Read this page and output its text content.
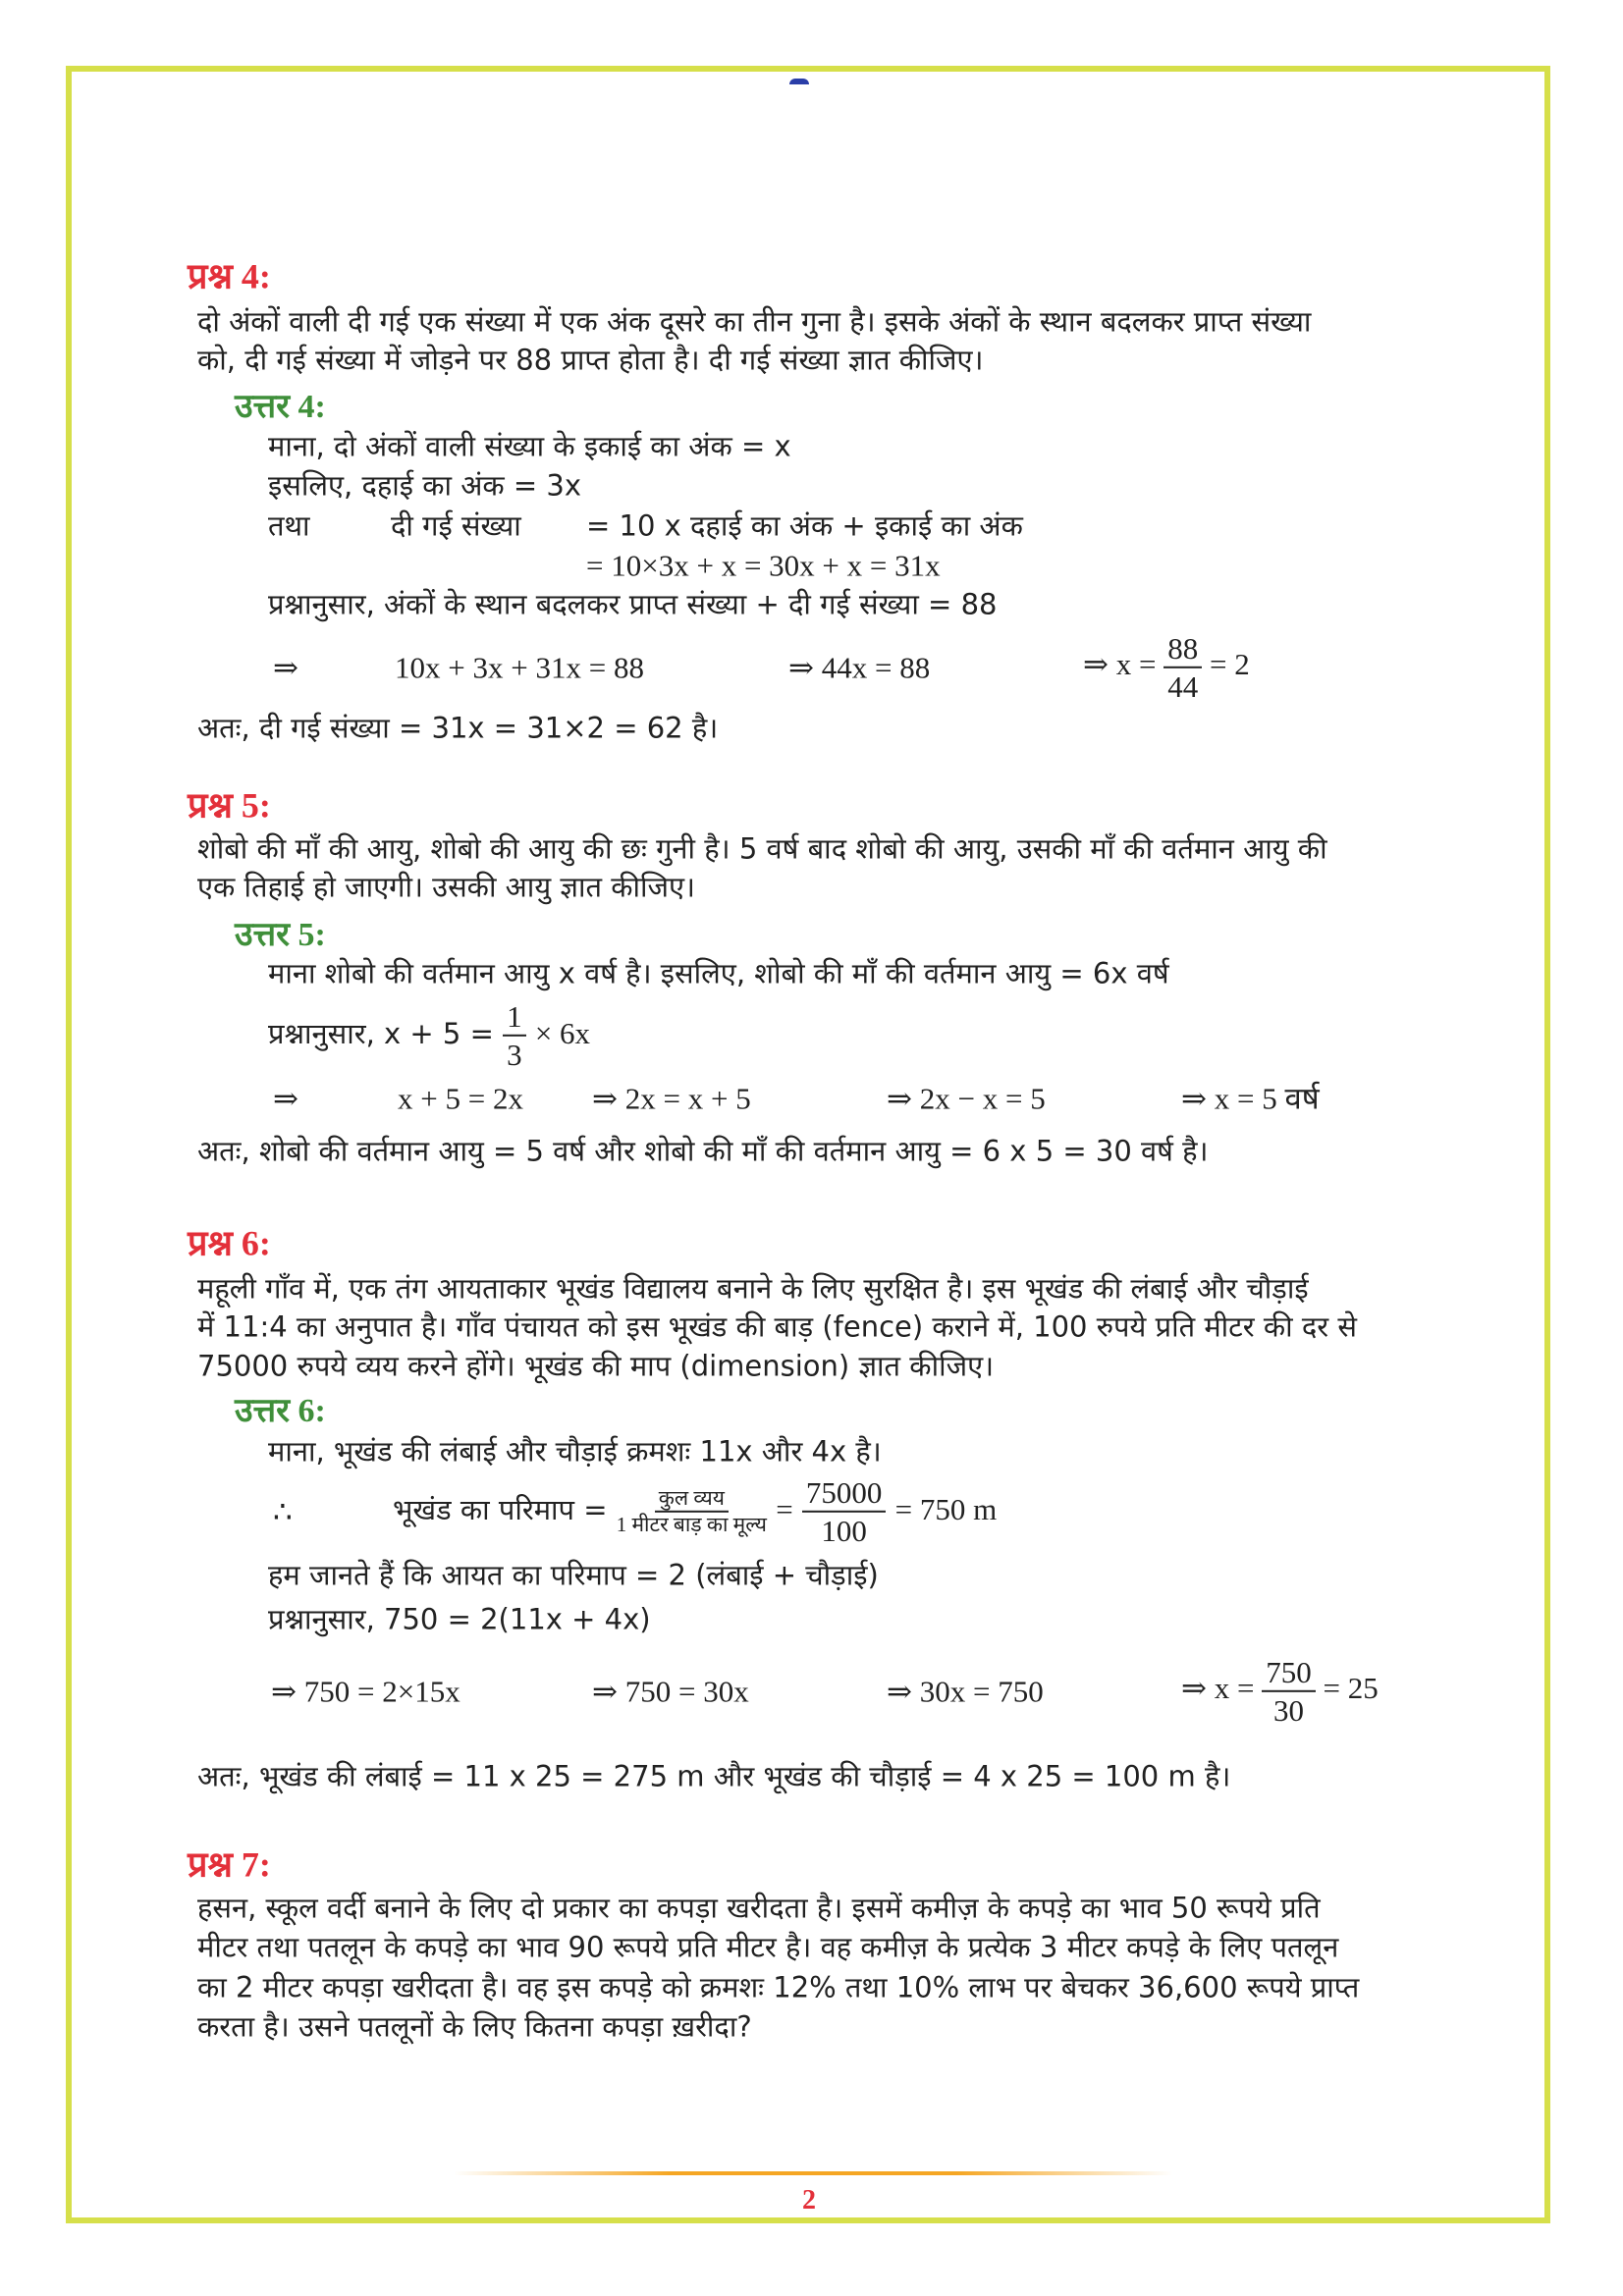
प्रश्न 4:
दो अंकों वाली दी गई एक संख्या में एक अंक दूसरे का तीन गुना है। इसके अंकों के स्थान बदलकर प्राप्त संख्या
को, दी गई संख्या में जोड़ने पर 88 प्राप्त होता है। दी गई संख्या ज्ञात कीजिए।
उत्तर 4:
माना, दो अंकों वाली संख्या के इकाई का अंक = x
इसलिए, दहाई का अंक = 3x
तथा	दी गई संख्या = 10 x दहाई का अंक + इकाई का अंक
= 10×3x + x = 30x + x = 31x
प्रश्नानुसार, अंकों के स्थान बदलकर प्राप्त संख्या + दी गई संख्या = 88
⇒	10x + 3x + 31x = 88	⇒ 44x = 88	⇒ $x = \frac{88}{44} = 2$
अतः, दी गई संख्या = 31x = 31×2 = 62 है।
प्रश्न 5:
शोबो की माँ की आयु, शोबो की आयु की छः गुनी है। 5 वर्ष बाद शोबो की आयु, उसकी माँ की वर्तमान आयु की
एक तिहाई हो जाएगी। उसकी आयु ज्ञात कीजिए।
उत्तर 5:
माना शोबो की वर्तमान आयु x वर्ष है। इसलिए, शोबो की माँ की वर्तमान आयु = 6x वर्ष
प्रश्नानुसार, $x + 5 = \frac{1}{3} \times 6x$
⇒	x + 5 = 2x ⇒ 2x = x + 5	⇒ 2x − x = 5	⇒ x = 5 वर्ष
अतः, शोबो की वर्तमान आयु = 5 वर्ष और शोबो की माँ की वर्तमान आयु = 6 x 5 = 30 वर्ष है।
प्रश्न 6:
महूली गाँव में, एक तंग आयताकार भूखंड विद्यालय बनाने के लिए सुरक्षित है। इस भूखंड की लंबाई और चौड़ाई
में 11:4 का अनुपात है। गाँव पंचायत को इस भूखंड की बाड़ (fence) कराने में, 100 रुपये प्रति मीटर की दर से
75000 रुपये व्यय करने होंगे। भूखंड की माप (dimension) ज्ञात कीजिए।
उत्तर 6:
माना, भूखंड की लंबाई और चौड़ाई क्रमशः 11x और 4x है।
∴	भूखंड का परिमाप = $\frac{\text{कुल व्यय}}{\text{1 मीटर बाड़ का मूल्य}} = \frac{75000}{100} = 750$ m
हम जानते हैं कि आयत का परिमाप = 2 (लंबाई + चौड़ाई)
प्रश्नानुसार, 750 = 2(11x + 4x)
⇒ 750 = 2×15x	⇒ 750 = 30x	⇒ 30x = 750	⇒ $x = \frac{750}{30} = 25$
अतः, भूखंड की लंबाई = 11 x 25 = 275 m और भूखंड की चौड़ाई = 4 x 25 = 100 m है।
प्रश्न 7:
हसन, स्कूल वर्दी बनाने के लिए दो प्रकार का कपड़ा खरीदता है। इसमें कमीज़ के कपड़े का भाव 50 रूपये प्रति
मीटर तथा पतलून के कपड़े का भाव 90 रूपये प्रति मीटर है। वह कमीज़ के प्रत्येक 3 मीटर कपड़े के लिए पतलून
का 2 मीटर कपड़ा खरीदता है। वह इस कपड़े को क्रमशः 12% तथा 10% लाभ पर बेचकर 36,600 रूपये प्राप्त
करता है। उसने पतलूनों के लिए कितना कपड़ा ख़रीदा?
2
